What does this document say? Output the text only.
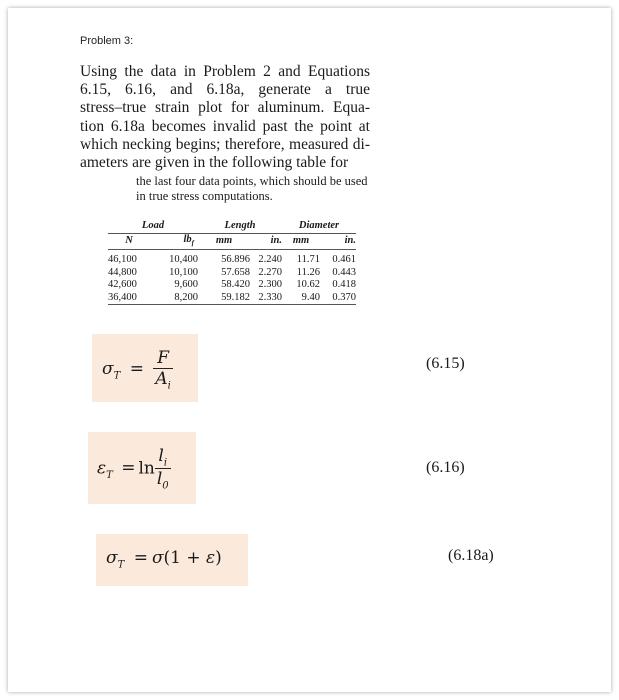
Problem 3:
Using the data in Problem 2 and Equations
6.15, 6.16, and 6.18a, generate a true
stress–true strain plot for aluminum. Equa-
tion 6.18a becomes invalid past the point at
which necking begins; therefore, measured di-
ameters are given in the following table for
the last four data points, which should be used
in true stress computations.
Load		Length		Diameter	
N	$lb_f$	mm	in.	mm	in.

46,100	10,400	56.896	2.240	11.71	0.461
44,800	10,100	57.658	2.270	11.26	0.443
42,600	9,600	58.420	2.300	10.62	0.418
36,400	8,200	59.182	2.330	9.40	0.370
$\sigma_T = \frac{F}{A_i}$	(6.15)
$\varepsilon_T = \ln \frac{l_i}{l_0}$	(6.16)
$\sigma_T = \sigma(1 + \varepsilon)$	(6.18a)
